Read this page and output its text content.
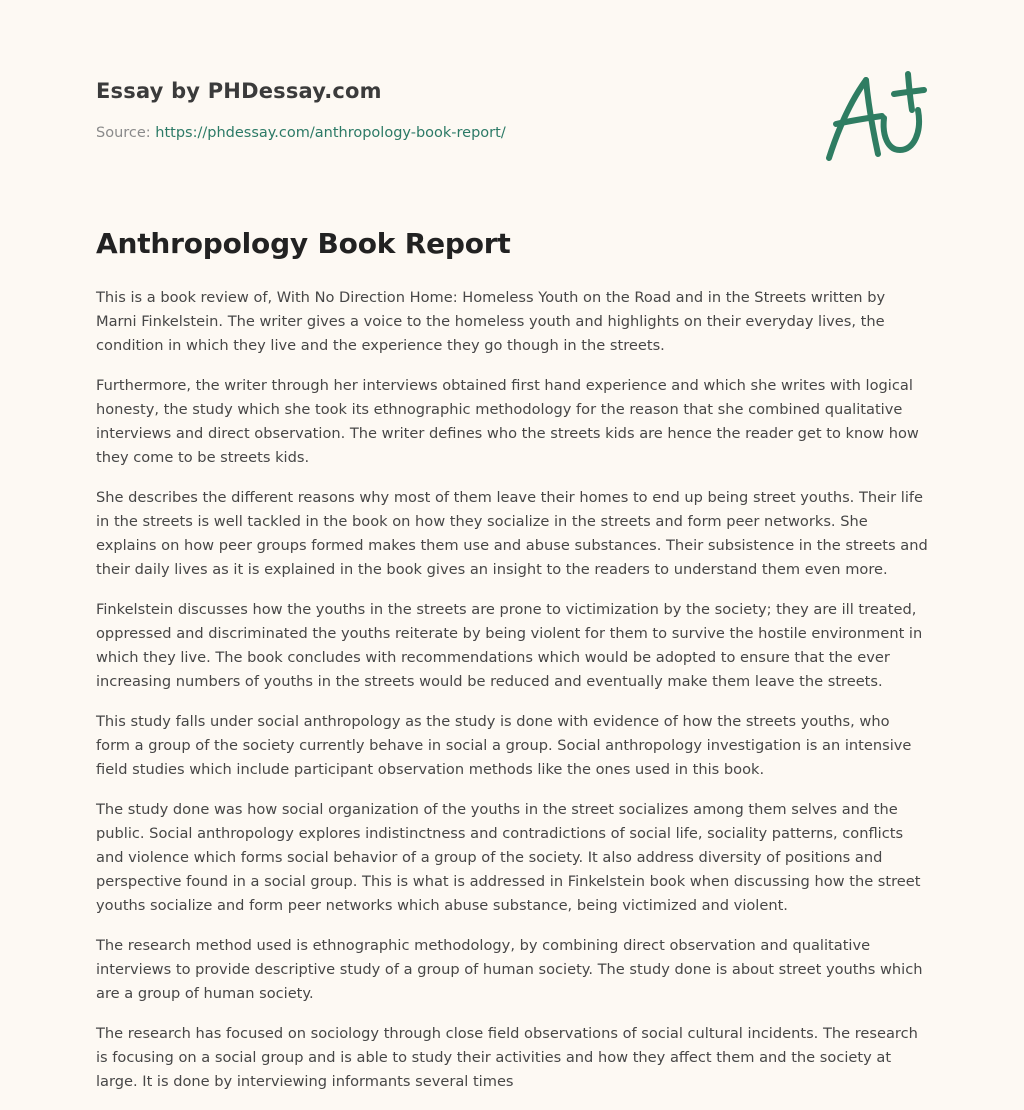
Essay by PHDessay.com
Source: https://phdessay.com/anthropology-book-report/
Anthropology Book Report

This is a book review of, With No Direction Home: Homeless Youth on the Road and in the Streets written by Marni Finkelstein. The writer gives a voice to the homeless youth and highlights on their everyday lives, the condition in which they live and the experience they go though in the streets.

Furthermore, the writer through her interviews obtained first hand experience and which she writes with logical honesty, the study which she took its ethnographic methodology for the reason that she combined qualitative interviews and direct observation. The writer defines who the streets kids are hence the reader get to know how they come to be streets kids.

She describes the different reasons why most of them leave their homes to end up being street youths. Their life in the streets is well tackled in the book on how they socialize in the streets and form peer networks. She explains on how peer groups formed makes them use and abuse substances. Their subsistence in the streets and their daily lives as it is explained in the book gives an insight to the readers to understand them even more.

Finkelstein discusses how the youths in the streets are prone to victimization by the society; they are ill treated, oppressed and discriminated the youths reiterate by being violent for them to survive the hostile environment in which they live. The book concludes with recommendations which would be adopted to ensure that the ever increasing numbers of youths in the streets would be reduced and eventually make them leave the streets.

This study falls under social anthropology as the study is done with evidence of how the streets youths, who form a group of the society currently behave in social a group. Social anthropology investigation is an intensive field studies which include participant observation methods like the ones used in this book.

The study done was how social organization of the youths in the street socializes among them selves and the public. Social anthropology explores indistinctness and contradictions of social life, sociality patterns, conflicts and violence which forms social behavior of a group of the society. It also address diversity of positions and perspective found in a social group. This is what is addressed in Finkelstein book when discussing how the street youths socialize and form peer networks which abuse substance, being victimized and violent.

The research method used is ethnographic methodology, by combining direct observation and qualitative interviews to provide descriptive study of a group of human society. The study done is about street youths which are a group of human society.

The research has focused on sociology through close field observations of social cultural incidents. The research is focusing on a social group and is able to study their activities and how they affect them and the society at large. It is done by interviewing informants several times
